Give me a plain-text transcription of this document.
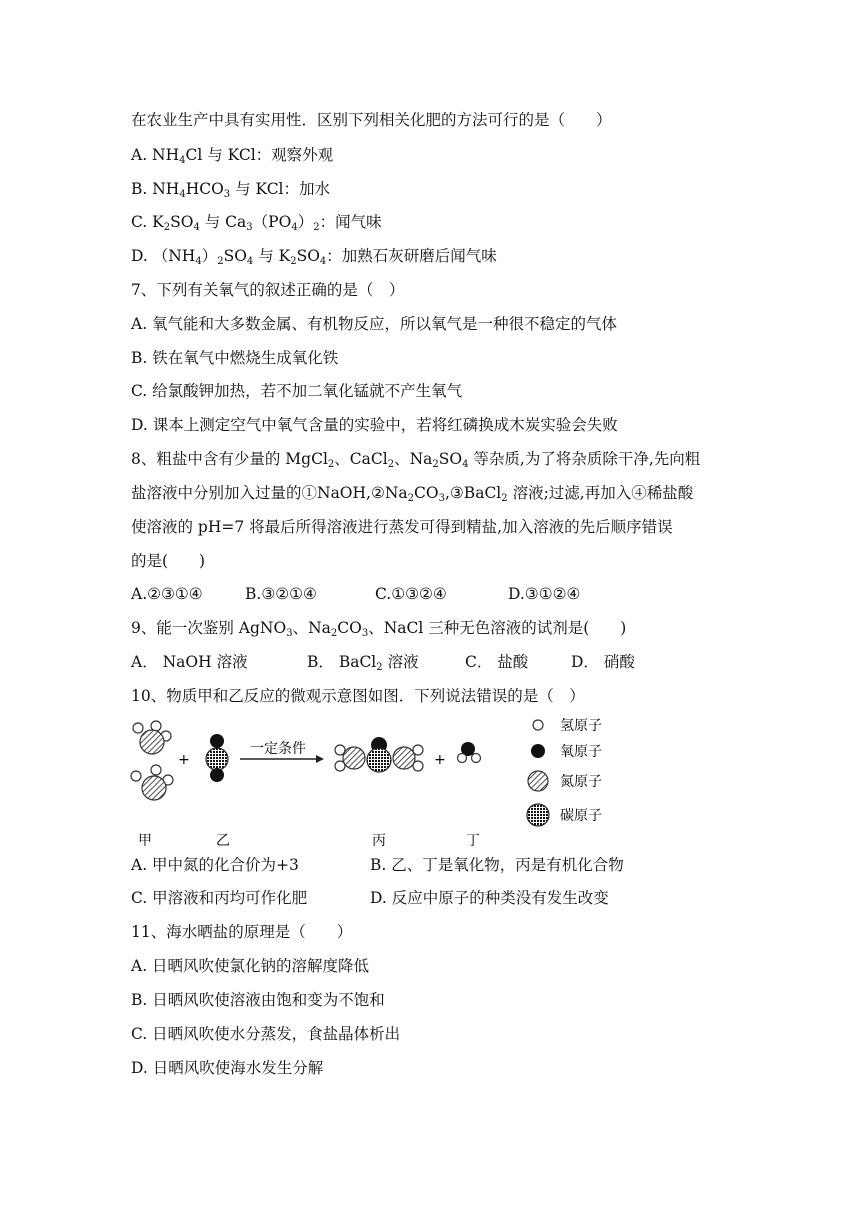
在农业生产中具有实用性．区别下列相关化肥的方法可行的是（　　）
A. $NH_4Cl$ 与 KCl：观察外观
B. $NH_4HCO_3$ 与 KCl：加水
C. $K_2SO_4$ 与 $Ca_3(PO_4)_2$：闻气味
D. $(NH_4)_2SO_4$ 与 $K_2SO_4$：加熟石灰研磨后闻气味
7、下列有关氧气的叙述正确的是（　）
A. 氧气能和大多数金属、有机物反应，所以氧气是一种很不稳定的气体
B. 铁在氧气中燃烧生成氧化铁
C. 给氯酸钾加热，若不加二氧化锰就不产生氧气
D. 课本上测定空气中氧气含量的实验中，若将红磷换成木炭实验会失败
8、粗盐中含有少量的 MgCl$_2$、CaCl$_2$、$Na_2SO_4$ 等杂质,为了将杂质除干净,先向粗
盐溶液中分别加入过量的$①NaOH,②Na_2CO_3,③BaCl_2$ 溶液;过滤,再加入④稀盐酸
使溶液的 pH=7 将最后所得溶液进行蒸发可得到精盐,加入溶液的先后顺序错误
的是(　　)
A.②③①④	B.③②①④	C.①③②④	D.③①②④
9、能一次鉴别 AgNO$_3$、$Na_2CO_3$、NaCl 三种无色溶液的试剂是(　　)
A． NaOH 溶液	B． BaCl$_2$ 溶液	C． 盐酸	D． 硝酸
10、物质甲和乙反应的微观示意图如图．下列说法错误的是（　）
+
一定条件
+
氢原子
氧原子
氮原子
碳原子
甲	乙	丙	丁
A. 甲中氮的化合价为+3	B. 乙、丁是氧化物，丙是有机化合物
C. 甲溶液和丙均可作化肥	D. 反应中原子的种类没有发生改变
11、海水晒盐的原理是（　　）
A. 日晒风吹使氯化钠的溶解度降低
B. 日晒风吹使溶液由饱和变为不饱和
C. 日晒风吹使水分蒸发，食盐晶体析出
D. 日晒风吹使海水发生分解
